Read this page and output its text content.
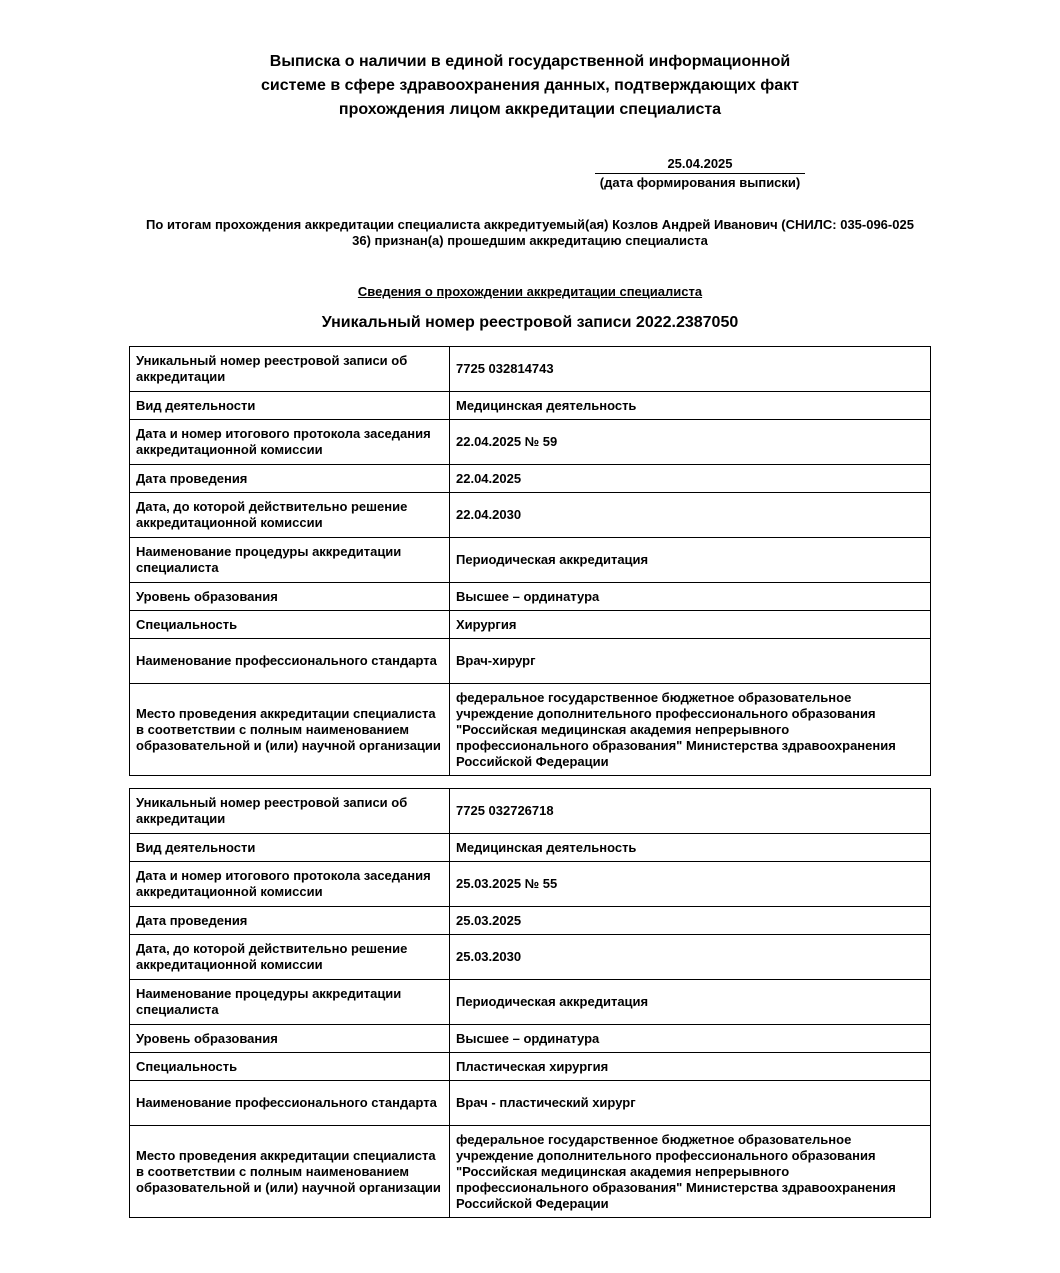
Выписка о наличии в единой государственной информационной
системе в сфере здравоохранения данных, подтверждающих факт
прохождения лицом аккредитации специалиста
25.04.2025
(дата формирования выписки)
По итогам прохождения аккредитации специалиста аккредитуемый(ая) Козлов Андрей Иванович (СНИЛС: 035-096-025
36) признан(а) прошедшим аккредитацию специалиста
Сведения о прохождении аккредитации специалиста
Уникальный номер реестровой записи 2022.2387050
Уникальный номер реестровой записи об аккредитации	7725 032814743
Вид деятельности	Медицинская деятельность
Дата и номер итогового протокола заседания аккредитационной комиссии	22.04.2025 № 59
Дата проведения	22.04.2025
Дата, до которой действительно решение аккредитационной комиссии	22.04.2030
Наименование процедуры аккредитации специалиста	Периодическая аккредитация
Уровень образования	Высшее – ординатура
Специальность	Хирургия
Наименование профессионального стандарта	Врач-хирург
Место проведения аккредитации специалиста в соответствии с полным наименованием образовательной и (или) научной организации	федеральное государственное бюджетное образовательное учреждение дополнительного профессионального образования "Российская медицинская академия непрерывного профессионального образования" Министерства здравоохранения Российской Федерации
Уникальный номер реестровой записи об аккредитации	7725 032726718
Вид деятельности	Медицинская деятельность
Дата и номер итогового протокола заседания аккредитационной комиссии	25.03.2025 № 55
Дата проведения	25.03.2025
Дата, до которой действительно решение аккредитационной комиссии	25.03.2030
Наименование процедуры аккредитации специалиста	Периодическая аккредитация
Уровень образования	Высшее – ординатура
Специальность	Пластическая хирургия
Наименование профессионального стандарта	Врач - пластический хирург
Место проведения аккредитации специалиста в соответствии с полным наименованием образовательной и (или) научной организации	федеральное государственное бюджетное образовательное учреждение дополнительного профессионального образования "Российская медицинская академия непрерывного профессионального образования" Министерства здравоохранения Российской Федерации
